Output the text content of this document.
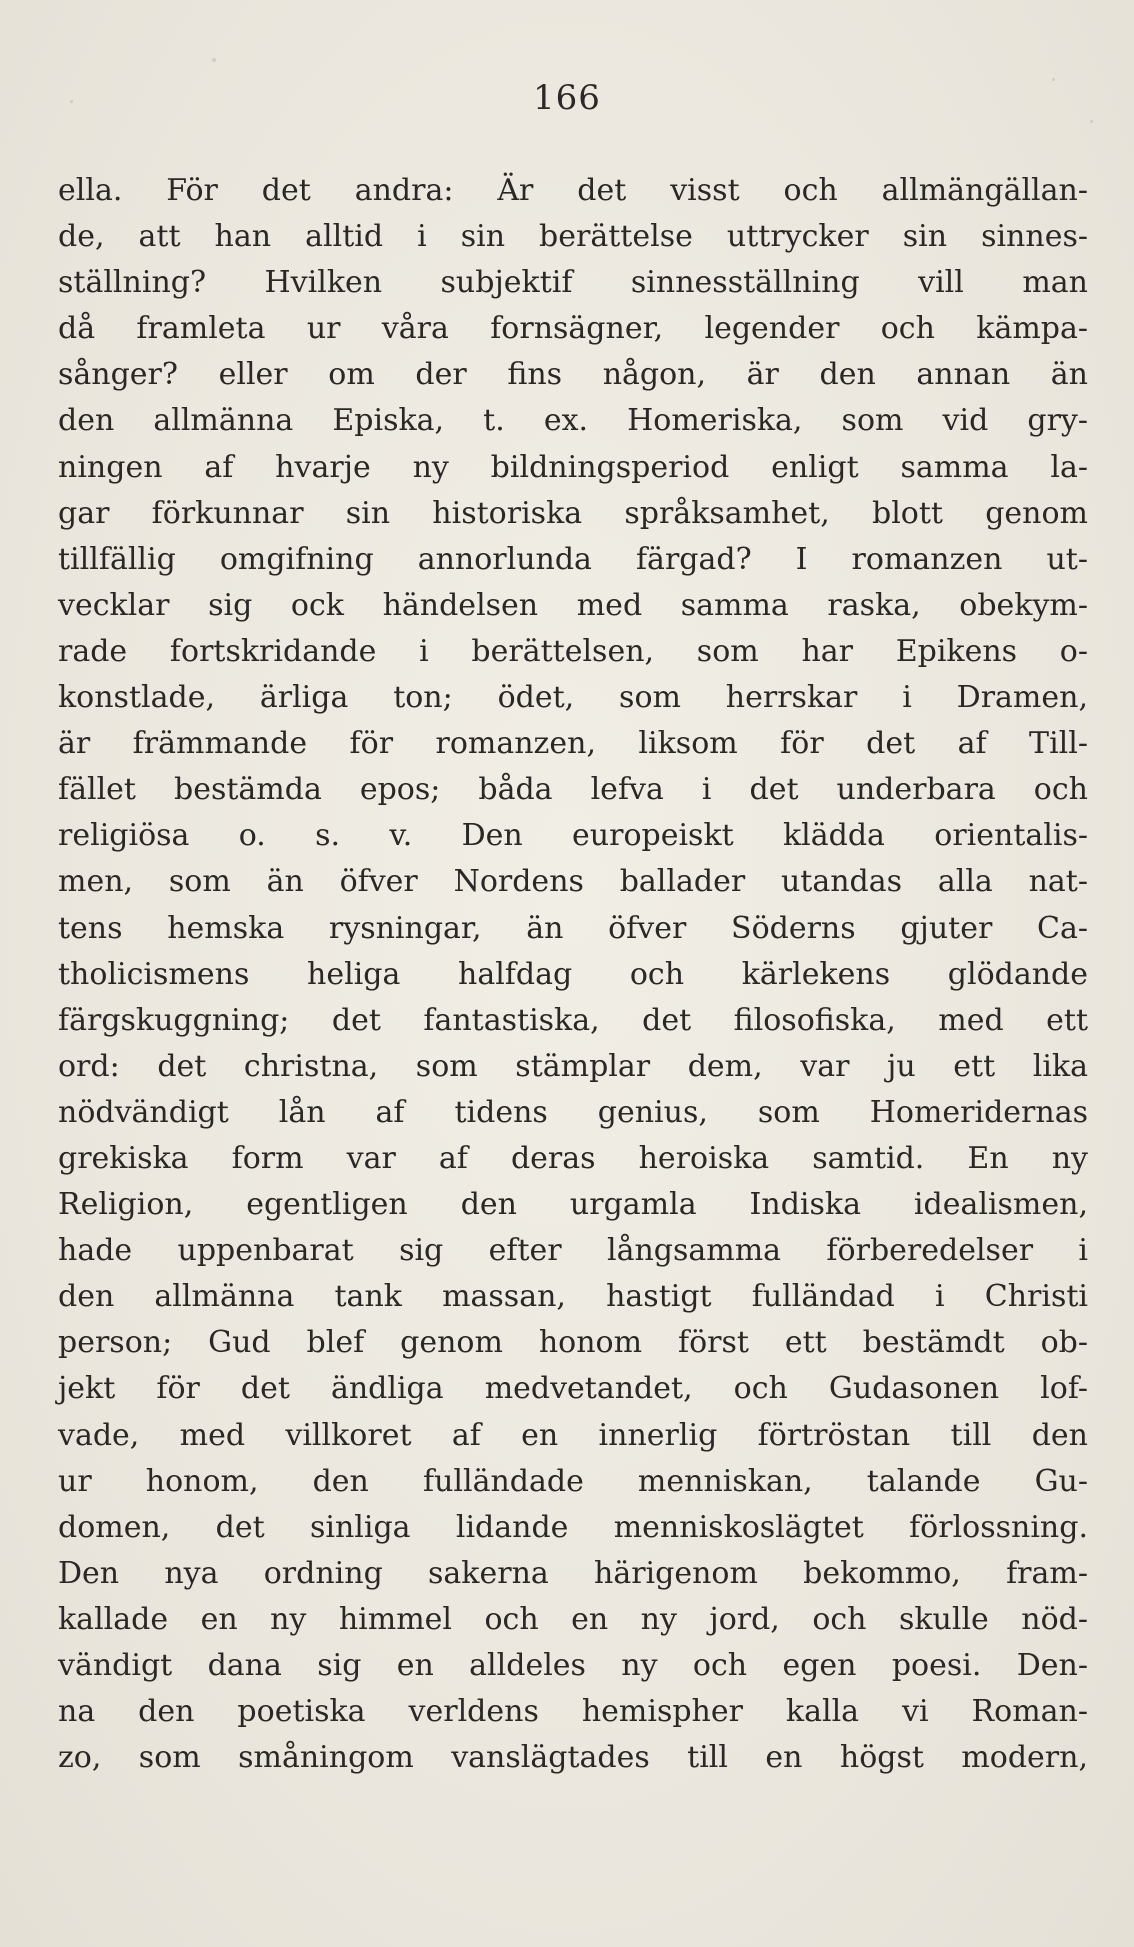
166
ella. För det andra: Är det visst och allmängällan-
de, att han alltid i sin berättelse uttrycker sin sinnes-
ställning? Hvilken subjektif sinnesställning vill man
då framleta ur våra fornsägner, legender och kämpa-
sånger? eller om der fins någon, är den annan än
den allmänna Episka, t. ex. Homeriska, som vid gry-
ningen af hvarje ny bildningsperiod enligt samma la-
gar förkunnar sin historiska språksamhet, blott genom
tillfällig omgifning annorlunda färgad? I romanzen ut-
vecklar sig ock händelsen med samma raska, obekym-
rade fortskridande i berättelsen, som har Epikens o-
konstlade, ärliga ton; ödet, som herrskar i Dramen,
är främmande för romanzen, liksom för det af Till-
fället bestämda epos; båda lefva i det underbara och
religiösa o. s. v. Den europeiskt klädda orientalis-
men, som än öfver Nordens ballader utandas alla nat-
tens hemska rysningar, än öfver Söderns gjuter Ca-
tholicismens heliga halfdag och kärlekens glödande
färgskuggning; det fantastiska, det filosofiska, med ett
ord: det christna, som stämplar dem, var ju ett lika
nödvändigt lån af tidens genius, som Homeridernas
grekiska form var af deras heroiska samtid. En ny
Religion, egentligen den urgamla Indiska idealismen,
hade uppenbarat sig efter långsamma förberedelser i
den allmänna tank massan, hastigt fulländad i Christi
person; Gud blef genom honom först ett bestämdt ob-
jekt för det ändliga medvetandet, och Gudasonen lof-
vade, med villkoret af en innerlig förtröstan till den
ur honom, den fulländade menniskan, talande Gu-
domen, det sinliga lidande menniskoslägtet förlossning.
Den nya ordning sakerna härigenom bekommo, fram-
kallade en ny himmel och en ny jord, och skulle nöd-
vändigt dana sig en alldeles ny och egen poesi. Den-
na den poetiska verldens hemispher kalla vi Roman-
zo, som småningom vanslägtades till en högst modern,
